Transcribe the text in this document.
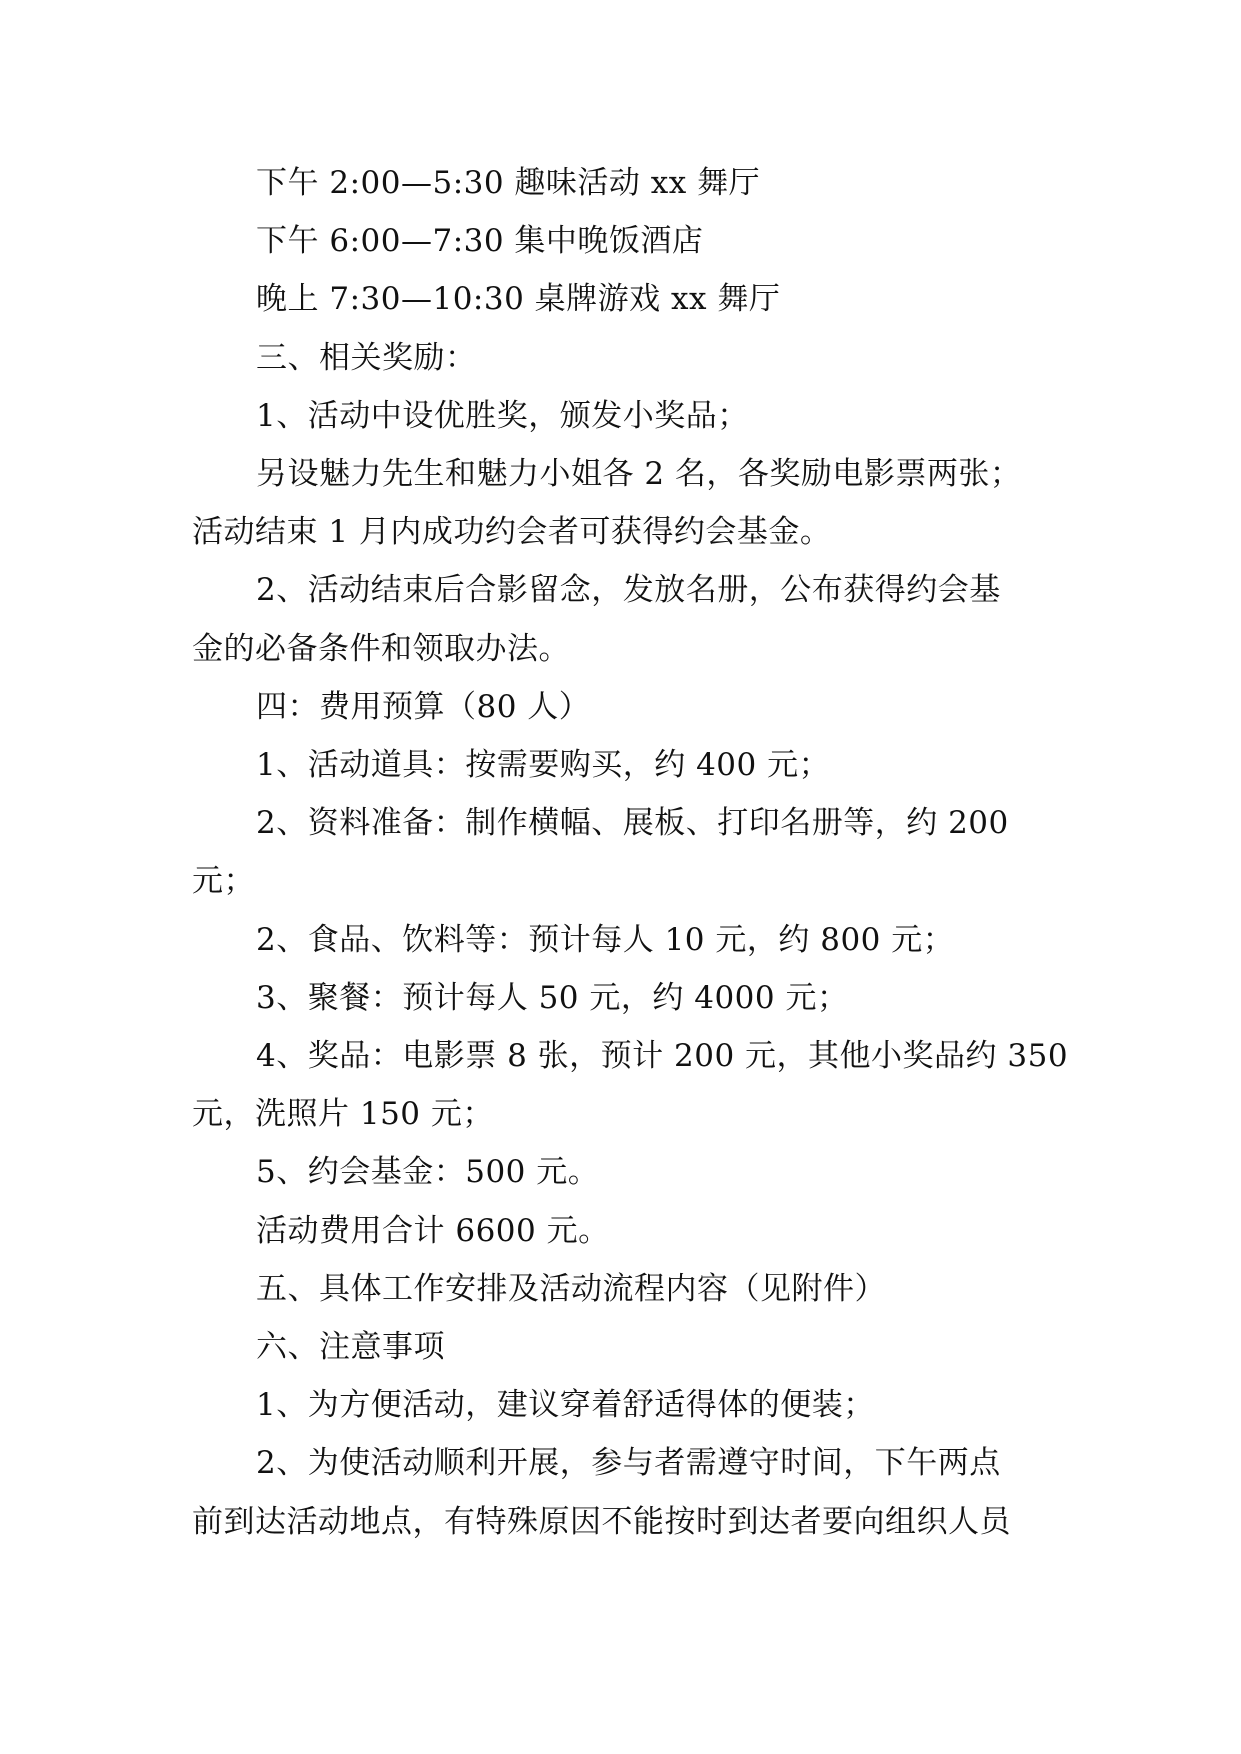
下午 2:00—5:30 趣味活动 xx 舞厅

下午 6:00—7:30 集中晚饭酒店

晚上 7:30—10:30 桌牌游戏 xx 舞厅

三、相关奖励：

1、活动中设优胜奖，颁发小奖品；

另设魅力先生和魅力小姐各 2 名，各奖励电影票两张；

活动结束 1 月内成功约会者可获得约会基金。

2、活动结束后合影留念，发放名册，公布获得约会基

金的必备条件和领取办法。

四：费用预算（80 人）

1、活动道具：按需要购买，约 400 元；

2、资料准备：制作横幅、展板、打印名册等，约 200

元；

2、食品、饮料等：预计每人 10 元，约 800 元；

3、聚餐：预计每人 50 元，约 4000 元；

4、奖品：电影票 8 张，预计 200 元，其他小奖品约 350

元，洗照片 150 元；

5、约会基金：500 元。

活动费用合计 6600 元。

五、具体工作安排及活动流程内容（见附件）

六、注意事项

1、为方便活动，建议穿着舒适得体的便装；

2、为使活动顺利开展，参与者需遵守时间，下午两点

前到达活动地点，有特殊原因不能按时到达者要向组织人员
